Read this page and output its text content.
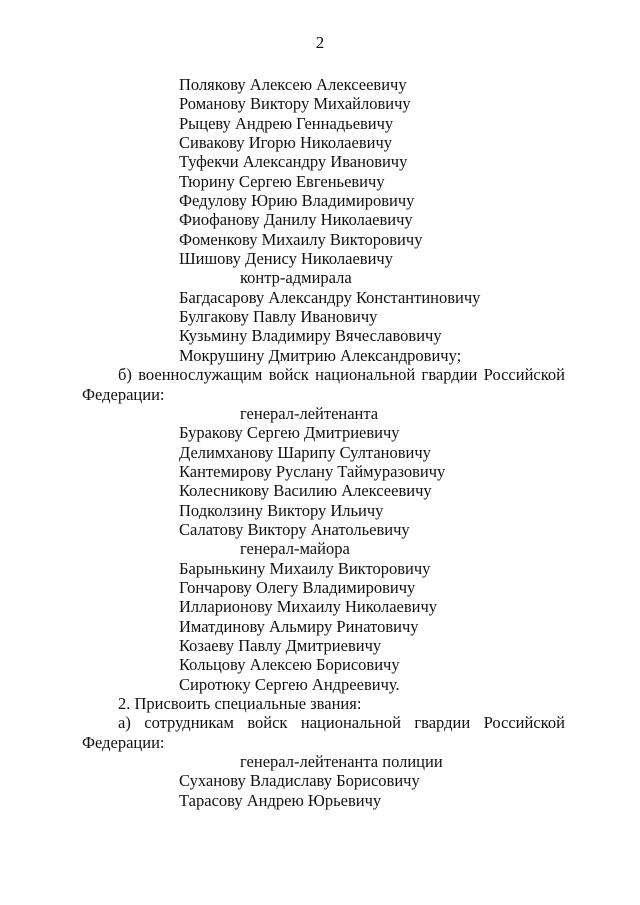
2
Полякову Алексею Алексеевичу
Романову Виктору Михайловичу
Рыцеву Андрею Геннадьевичу
Сивакову Игорю Николаевичу
Туфекчи Александру Ивановичу
Тюрину Сергею Евгеньевичу
Федулову Юрию Владимировичу
Фиофанову Данилу Николаевичу
Фоменкову Михаилу Викторовичу
Шишову Денису Николаевичу
контр-адмирала
Багдасарову Александру Константиновичу
Булгакову Павлу Ивановичу
Кузьмину Владимиру Вячеславовичу
Мокрушину Дмитрию Александровичу;
б) военнослужащим войск национальной гвардии Российской
Федерации:
генерал-лейтенанта
Буракову Сергею Дмитриевичу
Делимханову Шарипу Султановичу
Кантемирову Руслану Таймуразовичу
Колесникову Василию Алексеевичу
Подколзину Виктору Ильичу
Салатову Виктору Анатольевичу
генерал-майора
Барынькину Михаилу Викторовичу
Гончарову Олегу Владимировичу
Илларионову Михаилу Николаевичу
Иматдинову Альмиру Ринатовичу
Козаеву Павлу Дмитриевичу
Кольцову Алексею Борисовичу
Сиротюку Сергею Андреевичу.
2. Присвоить специальные звания:
а) сотрудникам войск национальной гвардии Российской
Федерации:
генерал-лейтенанта полиции
Суханову Владиславу Борисовичу
Тарасову Андрею Юрьевичу
